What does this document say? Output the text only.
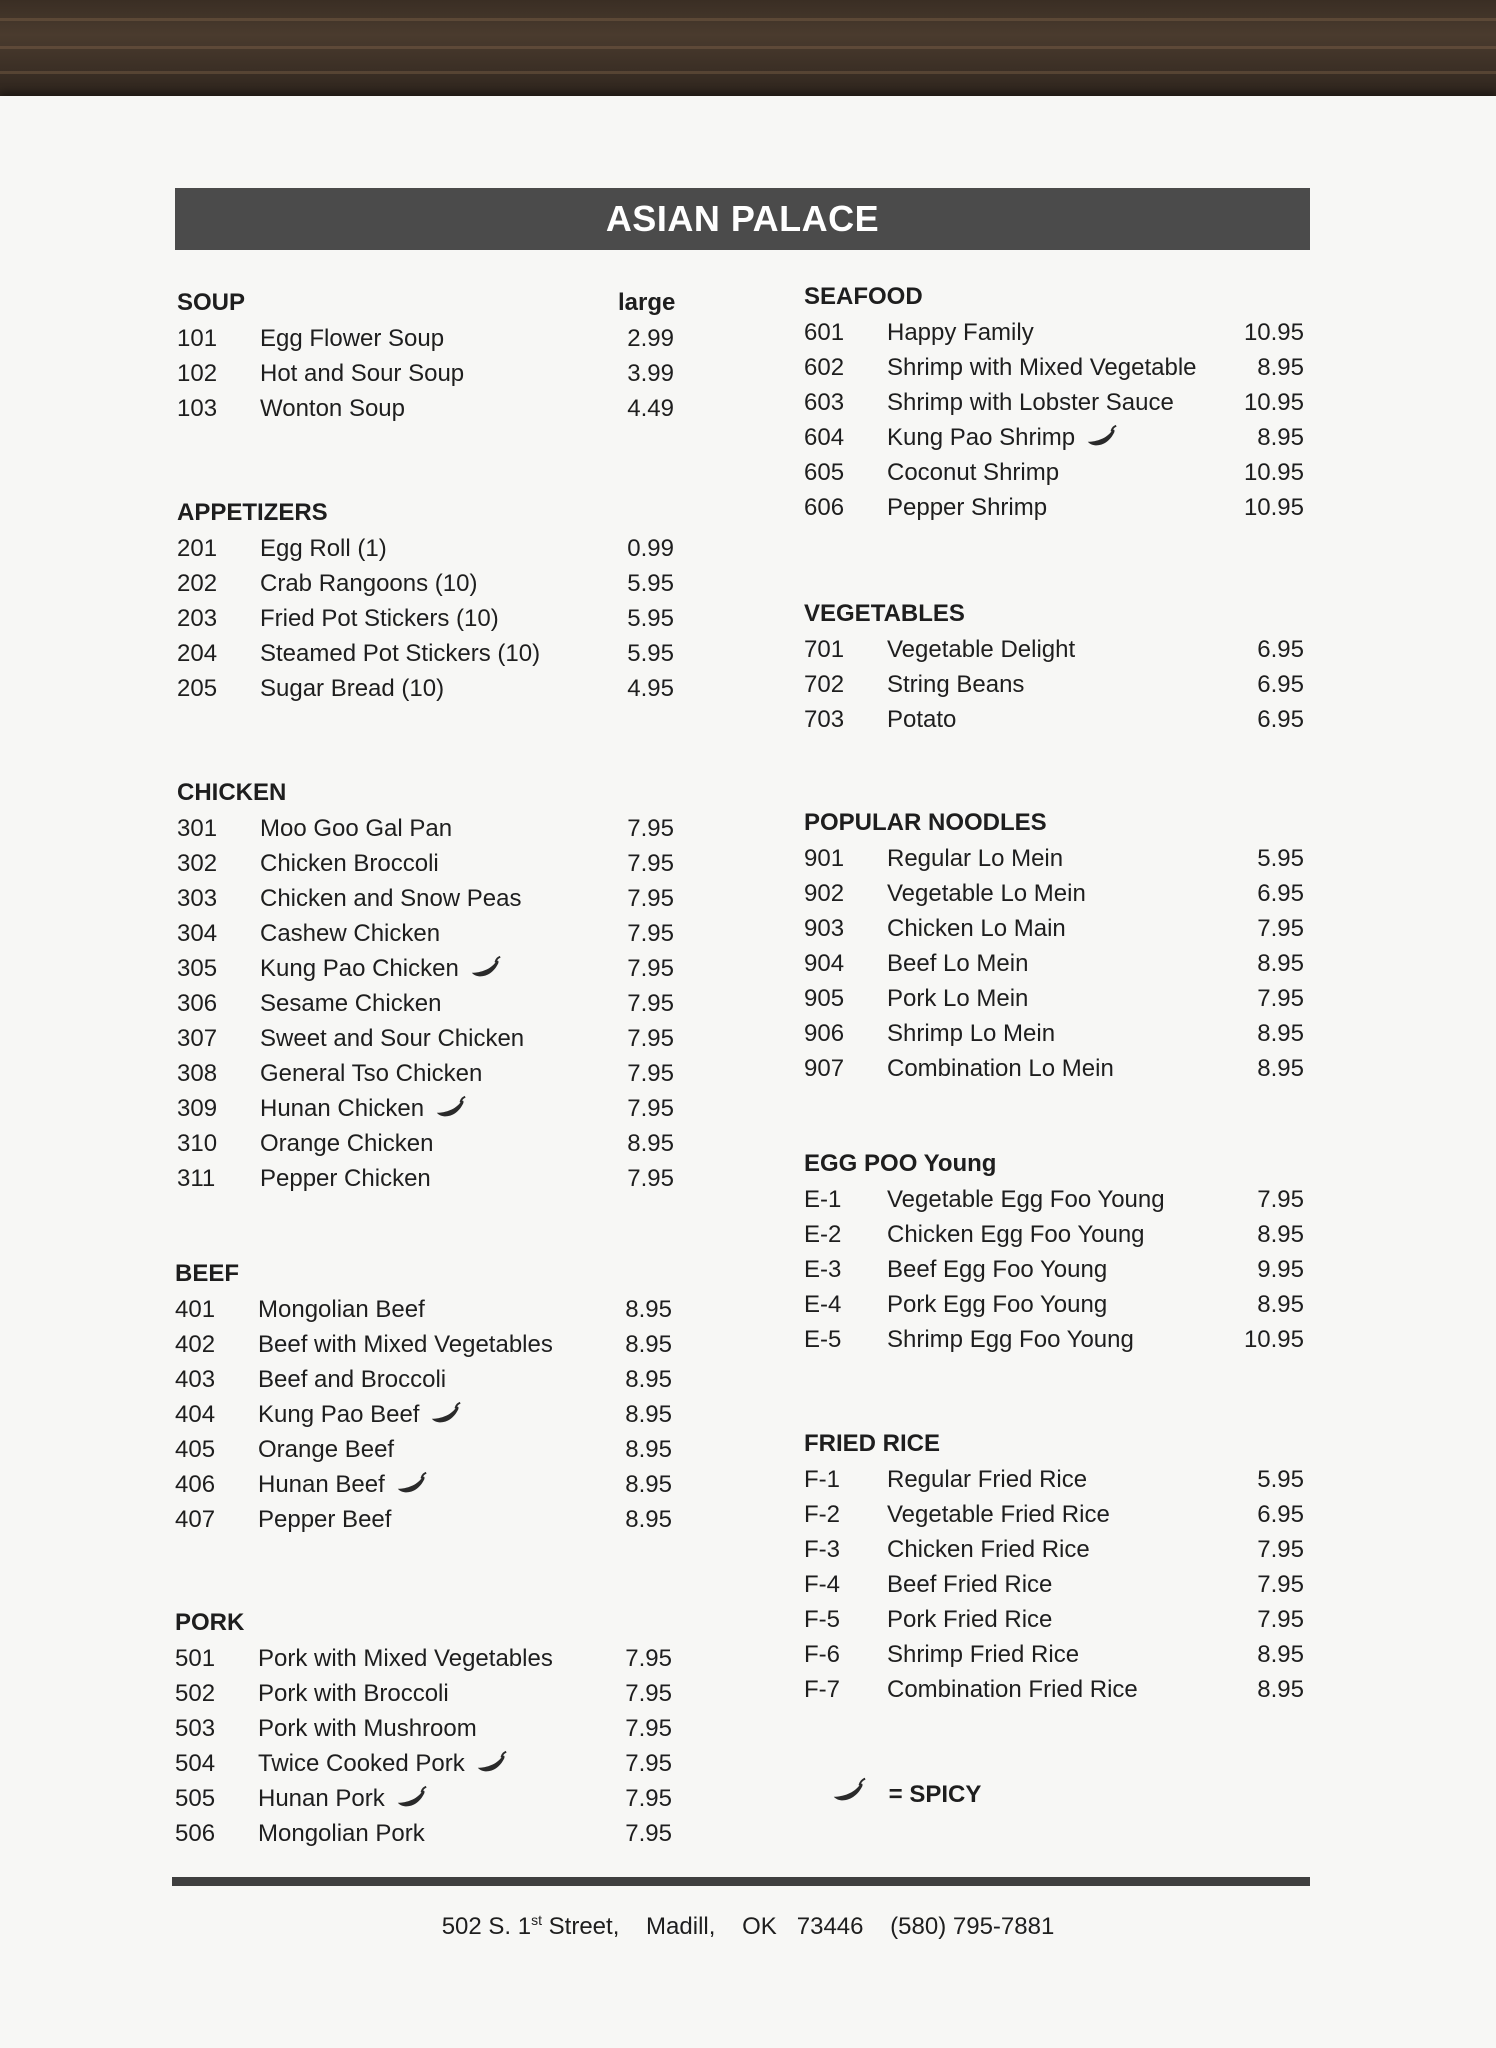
ASIAN PALACE
SOUP	large
101 Egg Flower Soup	2.99
102 Hot and Sour Soup	3.99
103 Wonton Soup	4.49
APPETIZERS
201 Egg Roll (1)	0.99
202 Crab Rangoons (10)	5.95
203 Fried Pot Stickers (10)	5.95
204 Steamed Pot Stickers (10)	5.95
205 Sugar Bread (10)	4.95
CHICKEN
301 Moo Goo Gal Pan	7.95
302 Chicken Broccoli	7.95
303 Chicken and Snow Peas	7.95
304 Cashew Chicken	7.95
305 Kung Pao Chicken	7.95
306 Sesame Chicken	7.95
307 Sweet and Sour Chicken	7.95
308 General Tso Chicken	7.95
309 Hunan Chicken	7.95
310 Orange Chicken	8.95
311 Pepper Chicken	7.95
BEEF
401 Mongolian Beef	8.95
402 Beef with Mixed Vegetables	8.95
403 Beef and Broccoli	8.95
404 Kung Pao Beef	8.95
405 Orange Beef	8.95
406 Hunan Beef	8.95
407 Pepper Beef	8.95
PORK
501 Pork with Mixed Vegetables	7.95
502 Pork with Broccoli	7.95
503 Pork with Mushroom	7.95
504 Twice Cooked Pork	7.95
505 Hunan Pork	7.95
506 Mongolian Pork	7.95
SEAFOOD
601 Happy Family	10.95
602 Shrimp with Mixed Vegetable	8.95
603 Shrimp with Lobster Sauce	10.95
604 Kung Pao Shrimp	8.95
605 Coconut Shrimp	10.95
606 Pepper Shrimp	10.95
VEGETABLES
701 Vegetable Delight	6.95
702 String Beans	6.95
703 Potato	6.95
POPULAR NOODLES
901 Regular Lo Mein	5.95
902 Vegetable Lo Mein	6.95
903 Chicken Lo Main	7.95
904 Beef Lo Mein	8.95
905 Pork Lo Mein	7.95
906 Shrimp Lo Mein	8.95
907 Combination Lo Mein	8.95
EGG POO Young
E-1 Vegetable Egg Foo Young	7.95
E-2 Chicken Egg Foo Young	8.95
E-3 Beef Egg Foo Young	9.95
E-4 Pork Egg Foo Young	8.95
E-5 Shrimp Egg Foo Young	10.95
FRIED RICE
F-1 Regular Fried Rice	5.95
F-2 Vegetable Fried Rice	6.95
F-3 Chicken Fried Rice	7.95
F-4 Beef Fried Rice	7.95
F-5 Pork Fried Rice	7.95
F-6 Shrimp Fried Rice	8.95
F-7 Combination Fried Rice	8.95
= SPICY
502 S. 1st Street, Madill, OK   73446 (580) 795-7881
